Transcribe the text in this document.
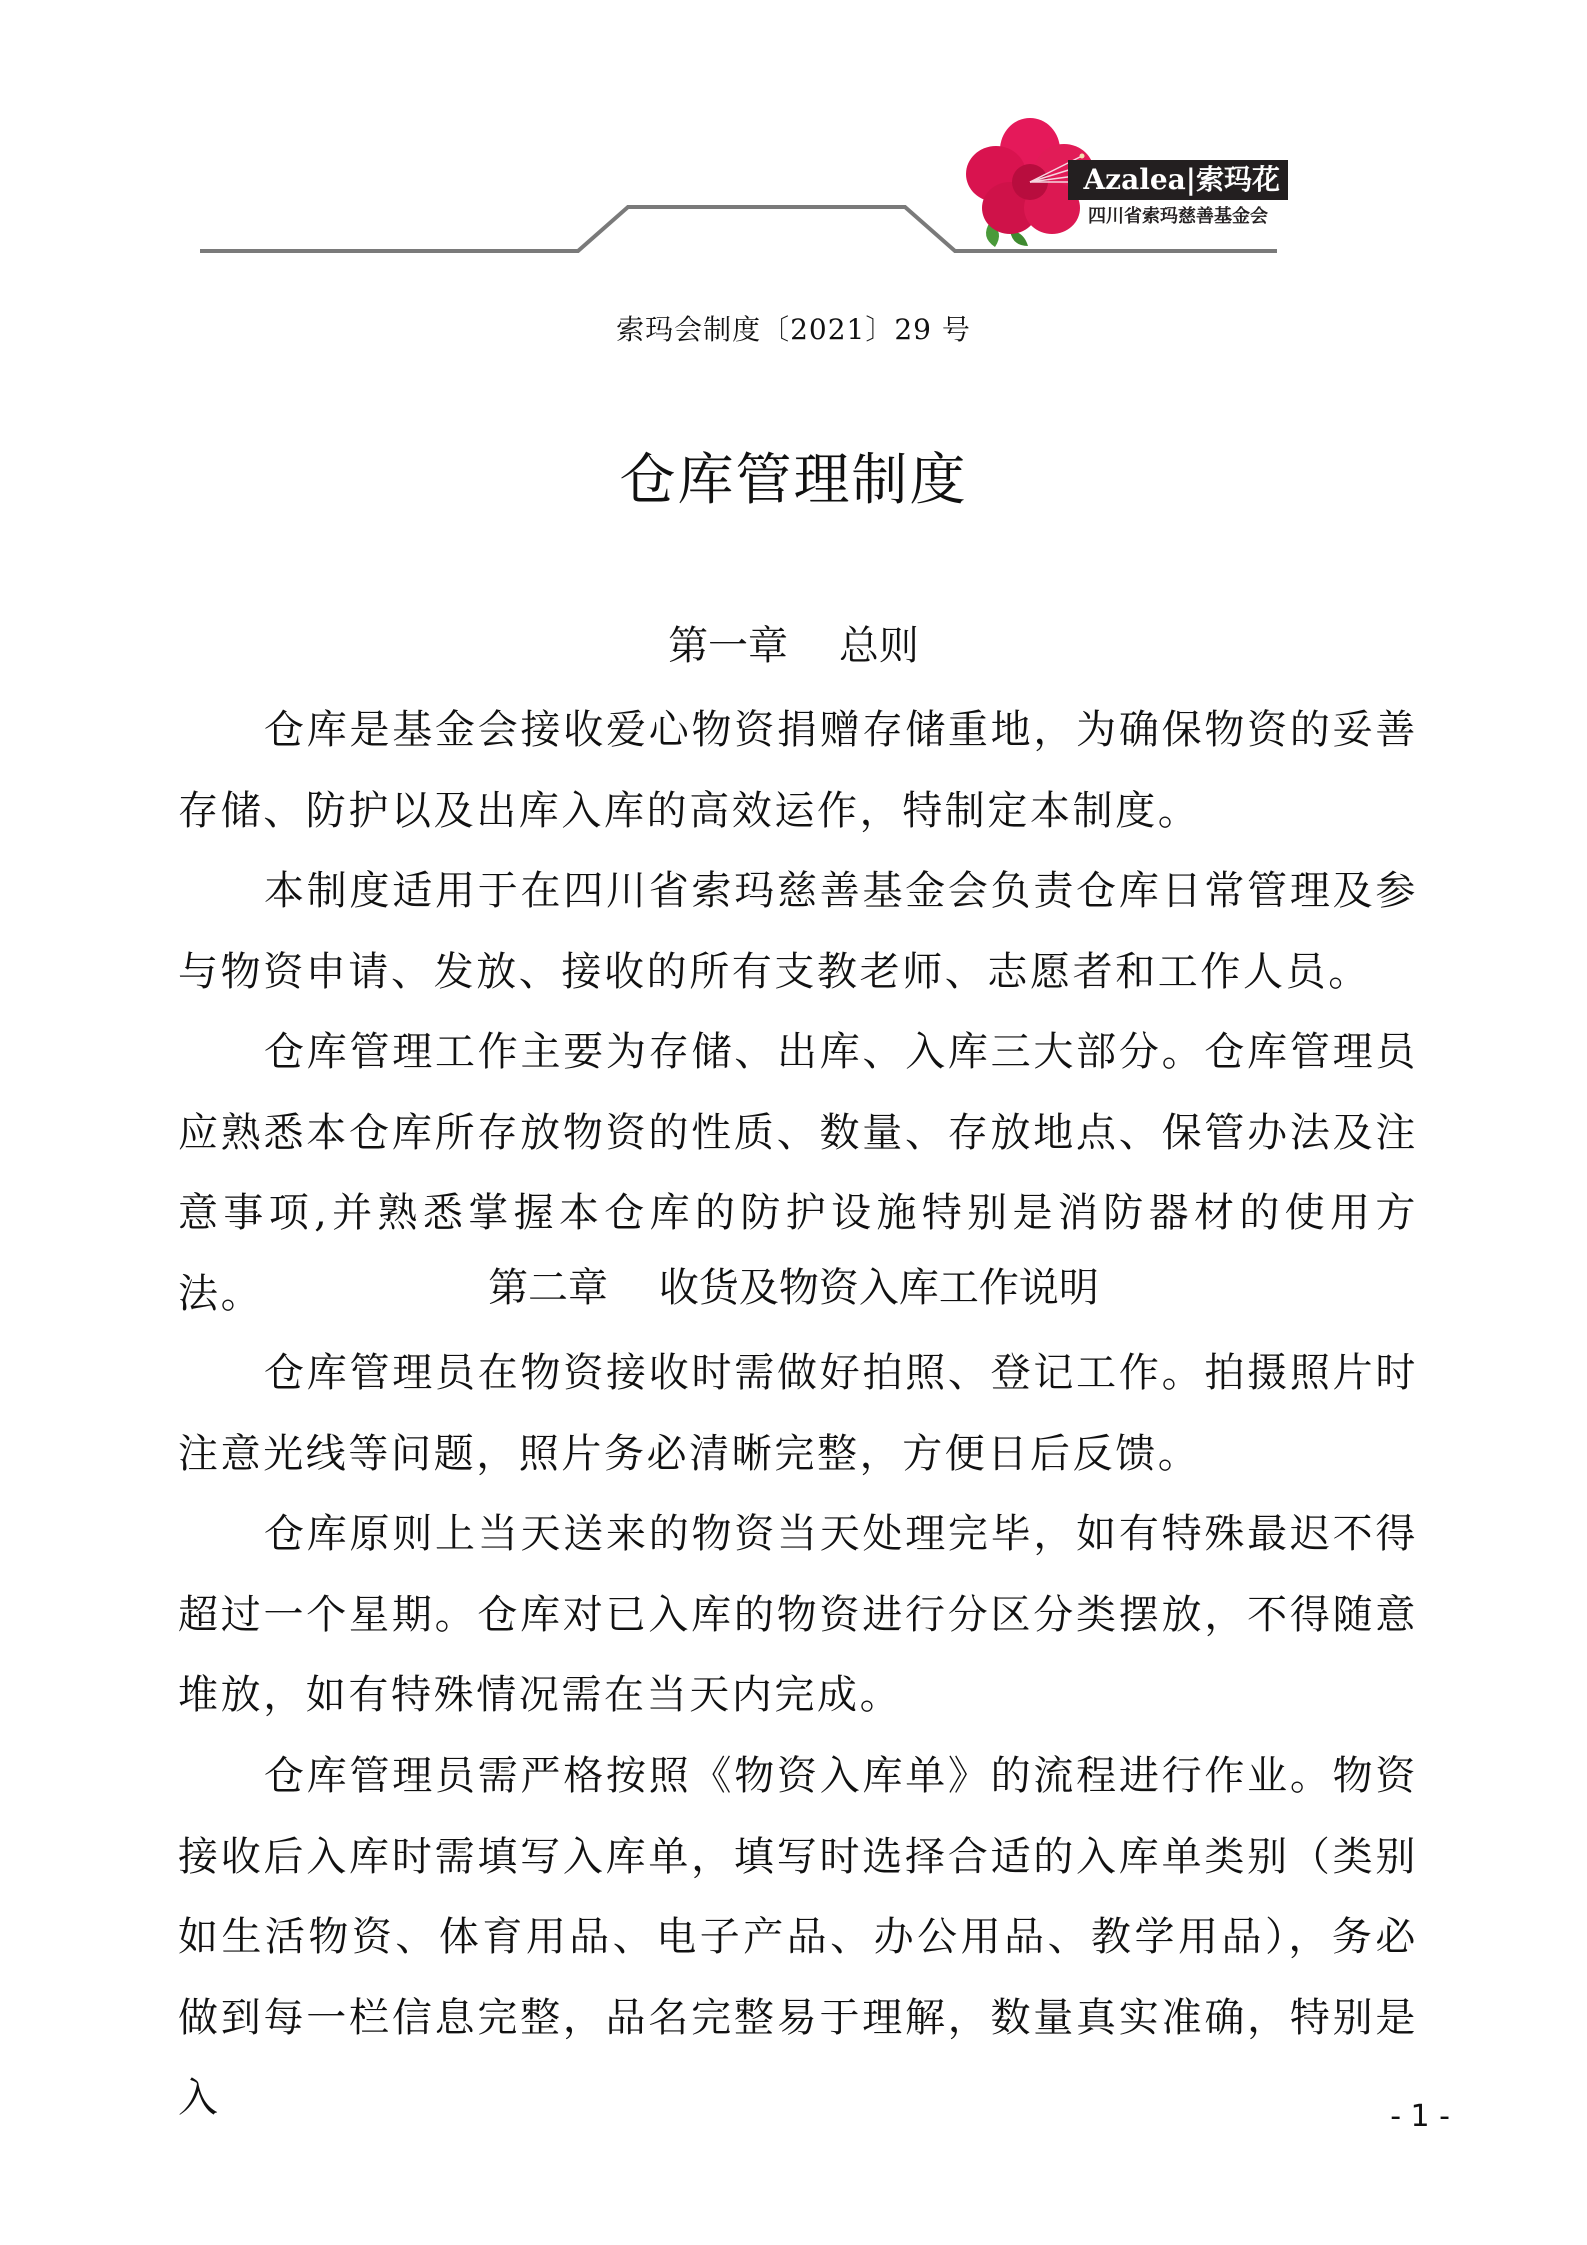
Azalea|索玛花
四川省索玛慈善基金会
索玛会制度〔2021〕29 号
仓库管理制度
第一章    总则

仓库是基金会接收爱心物资捐赠存储重地，为确保物资的妥善存储、防护以及出库入库的高效运作，特制定本制度。

本制度适用于在四川省索玛慈善基金会负责仓库日常管理及参与物资申请、发放、接收的所有支教老师、志愿者和工作人员。

仓库管理工作主要为存储、出库、入库三大部分。仓库管理员应熟悉本仓库所存放物资的性质、数量、存放地点、保管办法及注意事项,并熟悉掌握本仓库的防护设施特别是消防器材的使用方法。	第二章    收货及物资入库工作说明

仓库管理员在物资接收时需做好拍照、登记工作。拍摄照片时注意光线等问题，照片务必清晰完整，方便日后反馈。

仓库原则上当天送来的物资当天处理完毕，如有特殊最迟不得超过一个星期。仓库对已入库的物资进行分区分类摆放，不得随意堆放，如有特殊情况需在当天内完成。

仓库管理员需严格按照《物资入库单》的流程进行作业。物资接收后入库时需填写入库单，填写时选择合适的入库单类别（类别如生活物资、体育用品、电子产品、办公用品、教学用品），务必做到每一栏信息完整，品名完整易于理解，数量真实准确，特别是入	- 1 -
